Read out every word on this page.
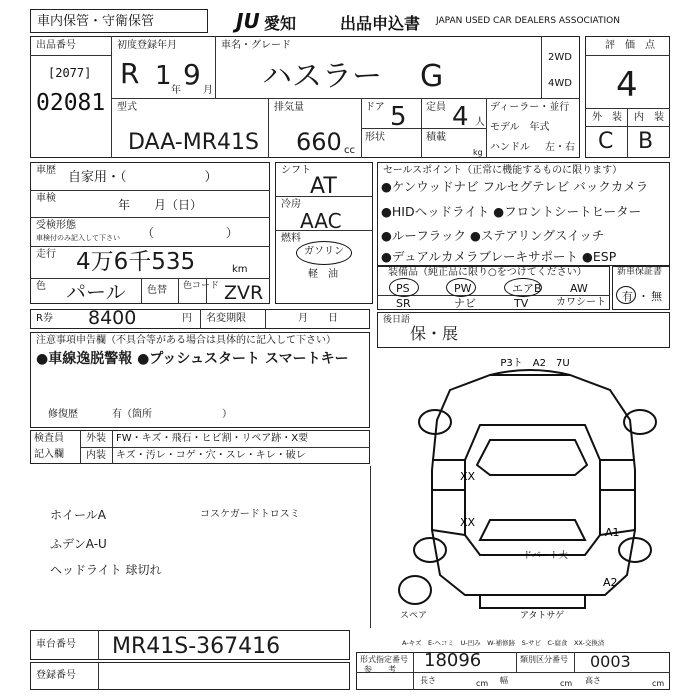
車内保管・守衛保管	JU 愛知	出品申込書 JAPAN USED CAR DEALERS ASSOCIATION
出品番号
[2077]
02081
初度登録年月
R 1 年 9 月
車名・グレード
ハスラー G
2WD
4WD
型式
DAA-MR41S
排気量
660 cc
ドア 5
形状
定員 4 人
積載
kg
ディーラー・並行
モデル　年式
ハンドル 左・右
評　価　点
4
外　装 内　装
C B
車歴 自家用・（　　　　　　）
車検	年　　月（日）
受検形態
車検付のみ記入して下さい （　　　　　　）
走行 4万6千535	km
色 パール 色替 色コード ZVR
シフト
AT
冷房
AAC
燃料
ガソリン
軽　油
セールスポイント（正常に機能するものに限ります）
●ケンウッドナビ フルセグテレビ バックカメラ
●HIDヘッドライト ●フロントシートヒーター
●ルーフラック ●ステアリングスイッチ
●デュアルカメラブレーキサポート ●ESP
装備品（純正品に限り○をつけてください）
PS	PW	エアB	AW
SR	ナビ	TV	カワシート
新車保証書
有 ・ 無
R券 8400	円 名変期限	月　　日
注意事項申告欄（不具合等がある場合は具体的に記入して下さい）
●車線逸脱警報 ●プッシュスタート スマートキー
修復歴	有（箇所　　　　　　　）
後日語
保・展
検査員
記入欄
外装 FW・キズ・飛石・ヒビ割・リペア跡・X要
内装 キズ・汚レ・コゲ・穴・スレ・キレ・破レ
ホイールA
ふデンA-U
ヘッドライト 球切れ
コスケガードトロスミ
P3ト　A2　7U
XX
XX
A1
A2
ドバート大
アタトサゲ
スペア
A-キズ　E-ヘコミ　U-凹み　W-補修跡　S-サビ　C-腐食　XX-交換済
車台番号 MR41S-367416
登録番号
形式指定番号
参　　考 18096	類別区分番号 0003
長さ	cm 幅	cm 高さ	cm
